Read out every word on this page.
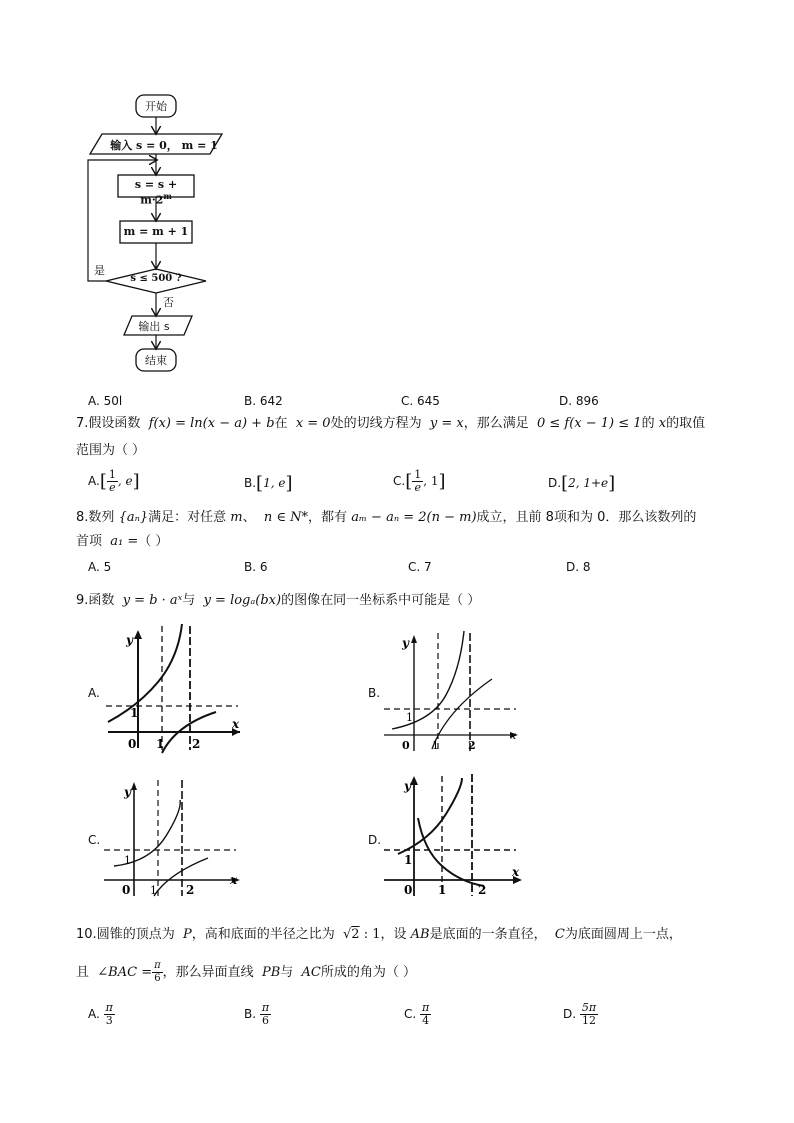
开始
输入 s = 0， m = 1
$s = s + m\cdot 2^m$
m = m + 1
s ≤ 500 ?
是
否
输出 s
结束
A. 50l	B. 642	C. 645	D. 896
7.假设函数 f(x) = ln(x − a) + b在 x = 0处的切线方程为 y = x，那么满足 0 ≤ f(x − 1) ≤ 1的 x的取值
范围为（ ）
$A.[ \frac{1}{e}$ , e]	B.[1, e]	$C.[ \frac{1}{e}$ , 1]	D.[2, 1+e]
8.数列 {aₙ}满足：对任意 m、 n ∈ N*，都有 aₘ − aₙ = 2(n − m)成立，且前 8项和为 0．那么该数列的
首项 a₁ =（ ）
A. 5	B. 6	C. 7	D. 8
9.函数 y = b · aˣ与 y = logₐ(bx)的图像在同一坐标系中可能是（ ）
A.	B.
C.	D.
y
x
1
0 1 2
y
x
1
0 1	2
y
x
1
0 1 2
y
x
1
0 1	2
10.圆锥的顶点为 P，高和底面的半径之比为 √2 : 1，设 AB是底面的一条直径， C为底面圆周上一点，
且 ∠BAC = $\frac{\pi}{6}$ ，那么异面直线 PB与 AC所成的角为（ ）
A. $\frac{\pi}{3}$	B. $\frac{\pi}{6}$	C. $\frac{\pi}{4}$	D. $\frac{5\pi}{12}$
